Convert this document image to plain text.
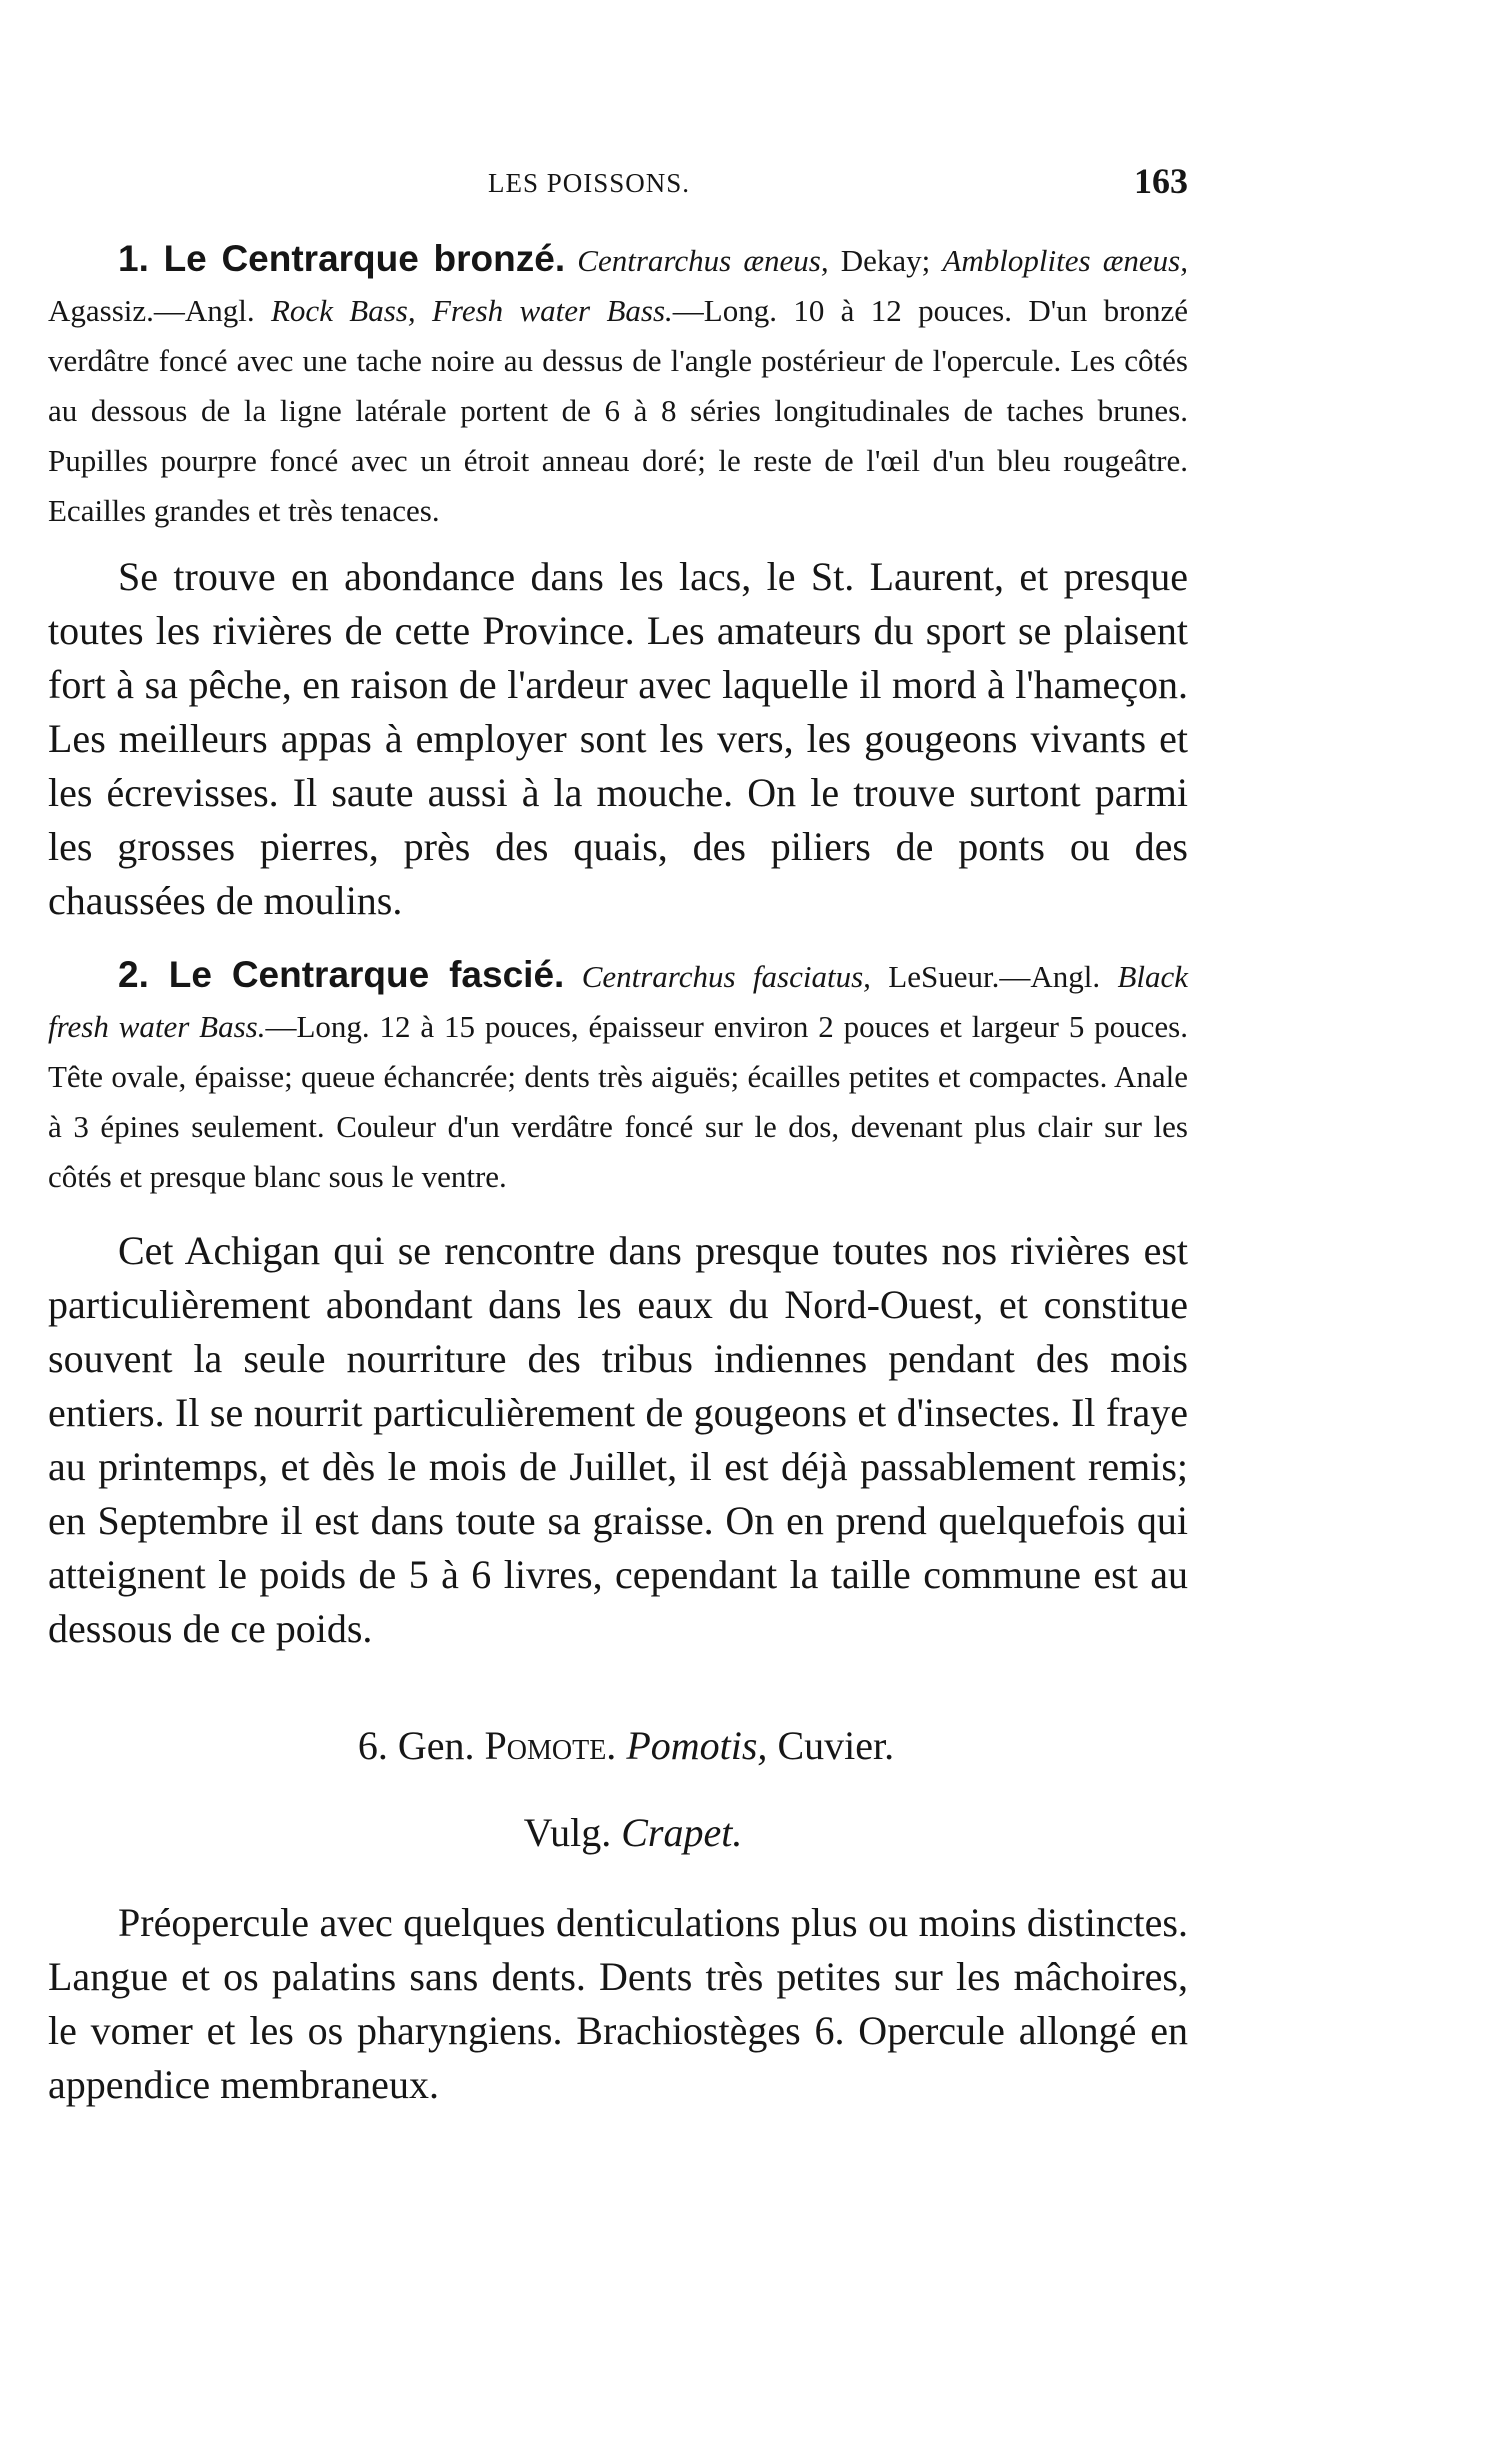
LES POISSONS.	163

1. Le Centrarque bronzé. Centrarchus æneus, Dekay; Ambloplites æneus, Agassiz.—Angl. Rock Bass, Fresh water Bass.—Long. 10 à 12 pouces. D'un bronzé verdâtre foncé avec une tache noire au dessus de l'angle postérieur de l'opercule. Les côtés au dessous de la ligne latérale portent de 6 à 8 séries longitudinales de taches brunes. Pupilles pourpre foncé avec un étroit anneau doré; le reste de l'œil d'un bleu rougeâtre. Ecailles grandes et très tenaces.

Se trouve en abondance dans les lacs, le St. Laurent, et presque toutes les rivières de cette Province. Les amateurs du sport se plaisent fort à sa pêche, en raison de l'ardeur avec laquelle il mord à l'hameçon. Les meilleurs appas à employer sont les vers, les gougeons vivants et les écrevisses. Il saute aussi à la mouche. On le trouve surtont parmi les grosses pierres, près des quais, des piliers de ponts ou des chaussées de moulins.

2. Le Centrarque fascié. Centrarchus fasciatus, LeSueur.—Angl. Black fresh water Bass.—Long. 12 à 15 pouces, épaisseur environ 2 pouces et largeur 5 pouces. Tête ovale, épaisse; queue échancrée; dents très aiguës; écailles petites et compactes. Anale à 3 épines seulement. Couleur d'un verdâtre foncé sur le dos, devenant plus clair sur les côtés et presque blanc sous le ventre.

Cet Achigan qui se rencontre dans presque toutes nos rivières est particulièrement abondant dans les eaux du Nord-Ouest, et constitue souvent la seule nourriture des tribus indiennes pendant des mois entiers. Il se nourrit particulièrement de gougeons et d'insectes. Il fraye au printemps, et dès le mois de Juillet, il est déjà passablement remis; en Septembre il est dans toute sa graisse. On en prend quelquefois qui atteignent le poids de 5 à 6 livres, cependant la taille commune est au dessous de ce poids.

6. Gen. Pomote. Pomotis, Cuvier.

Vulg. Crapet.

Préopercule avec quelques denticulations plus ou moins distinctes. Langue et os palatins sans dents. Dents très petites sur les mâchoires, le vomer et les os pharyngiens. Brachiostèges 6. Opercule allongé en appendice membraneux.
